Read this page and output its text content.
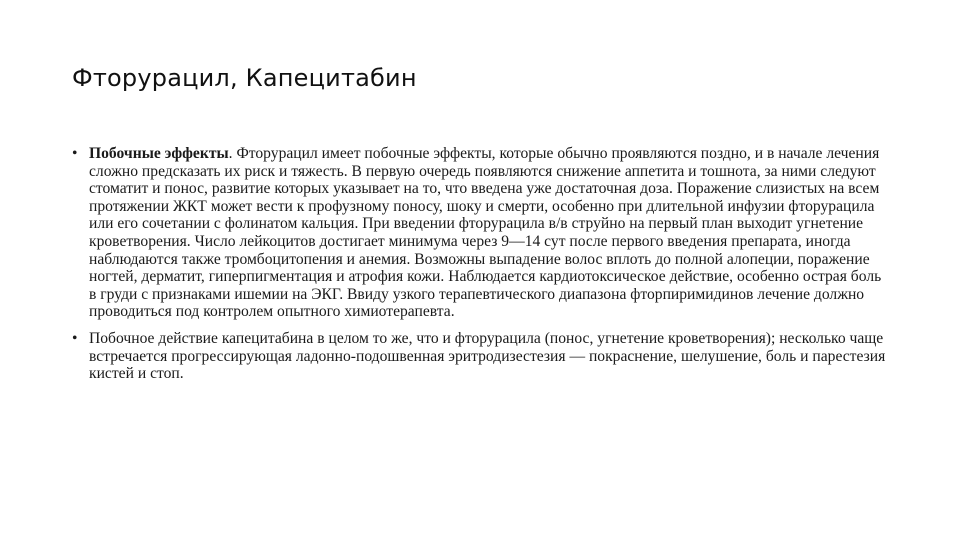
Фторурацил, Капецитабин
• Побочные эффекты. Фторурацил имеет побочные эффекты, которые обычно проявляются поздно, и в начале лечения сложно предсказать их риск и тяжесть. В первую очередь появляются снижение аппетита и тошнота, за ними следуют стоматит и понос, развитие которых указывает на то, что введена уже достаточная доза. Поражение слизистых на всем протяжении ЖКТ может вести к профузному поносу, шоку и смерти, особенно при длительной инфузии фторурацила или его сочетании с фолинатом кальция. При введении фторурацила в/в струйно на первый план выходит угнетение кроветворения. Число лейкоцитов достигает минимума через 9—14 сут после первого введения препарата, иногда наблюдаются также тромбоцитопения и анемия. Возможны выпадение волос вплоть до полной алопеции, поражение ногтей, дерматит, гиперпигментация и атрофия кожи. Наблюдается кардиотоксическое действие, особенно острая боль в груди с признаками ишемии на ЭКГ. Ввиду узкого терапевтического диапазона фторпиримидинов лечение должно проводиться под контролем опытного химиотерапевта.
• Побочное действие капецитабина в целом то же, что и фторурацила (понос, угнетение кроветворения); несколько чаще встречается прогрессирующая ладонно-подошвенная эритродизестезия — покраснение, шелушение, боль и парестезия кистей и стоп.
